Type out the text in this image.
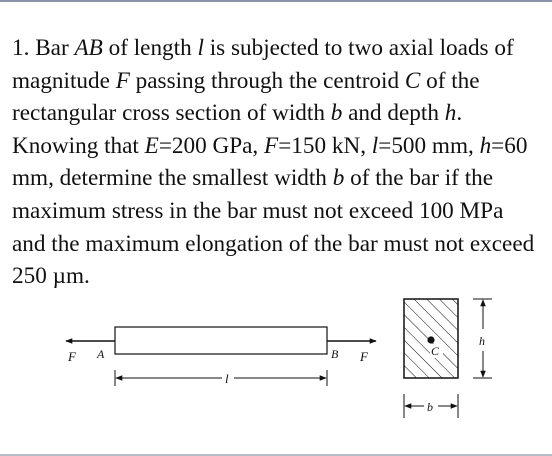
1. Bar AB of length l is subjected to two axial loads of magnitude F passing through the centroid C of the rectangular cross section of width b and depth h. Knowing that E=200 GPa, F=150 kN, l=500 mm, h=60 mm, determine the smallest width b of the bar if the maximum stress in the bar must not exceed 100 MPa and the maximum elongation of the bar must not exceed 250 µm.

F A	B F
l
C
h
b
